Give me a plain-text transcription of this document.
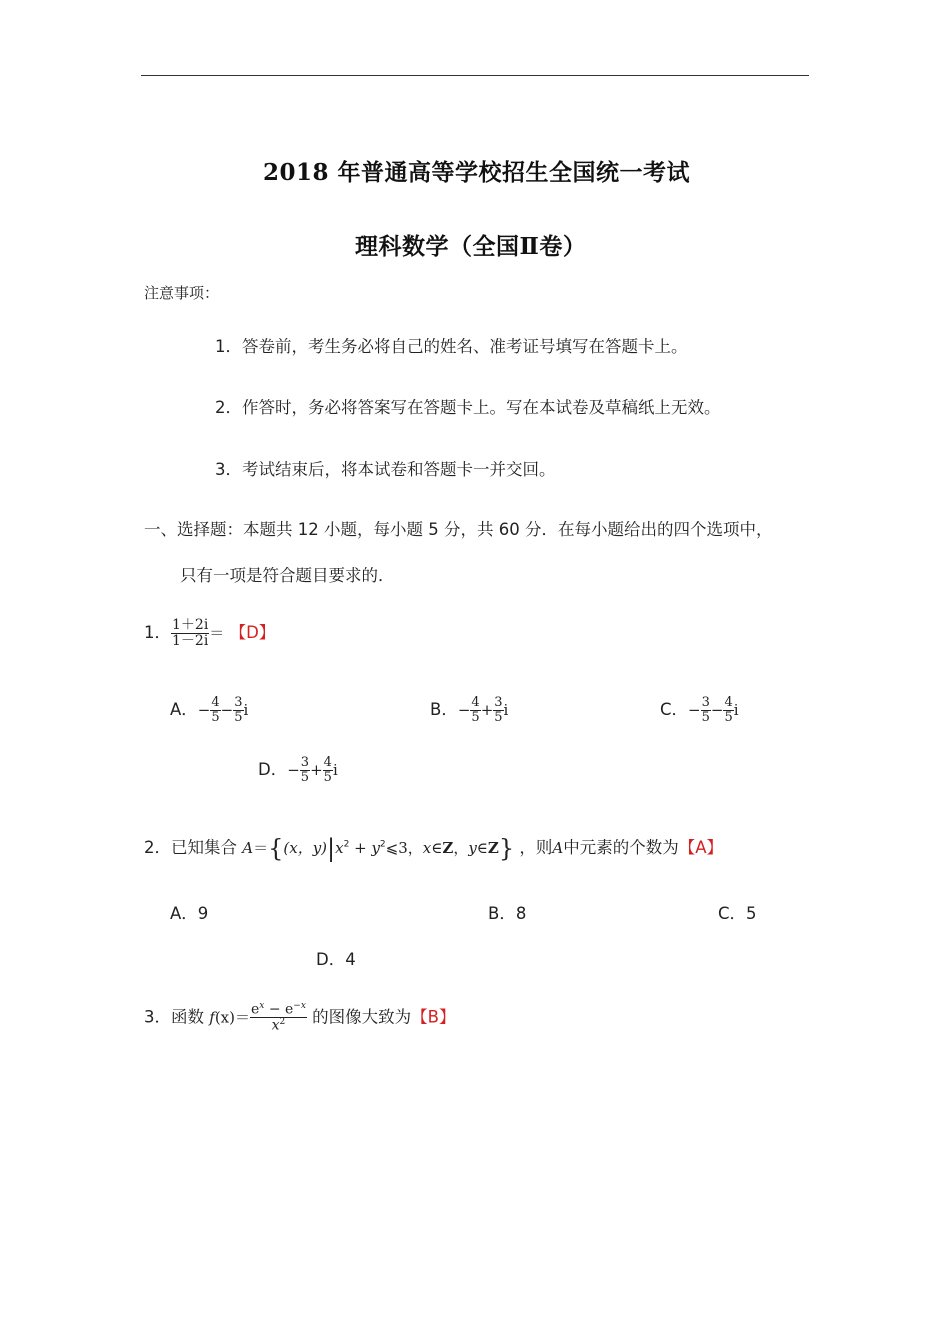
2018 年普通高等学校招生全国统一考试
理科数学（全国Ⅱ卷）
注意事项：
1．答卷前，考生务必将自己的姓名、准考证号填写在答题卡上。
2．作答时，务必将答案写在答题卡上。写在本试卷及草稿纸上无效。
3．考试结束后，将本试卷和答题卡一并交回。
一、选择题：本题共 12 小题，每小题 5 分，共 60 分．在每小题给出的四个选项中，
只有一项是符合题目要求的．
1． $\frac{1+2i}{1-2i}$ ＝ 【D】
A．− $\frac{4}{5} - \frac{3}{5}$ i	B．− $\frac{4}{5} + \frac{3}{5}$ i	C．− $\frac{3}{5} - \frac{4}{5}$ i
D．− $\frac{3}{5} + \frac{4}{5}$ i
2．已知集合 A＝{(x，$y)|x^2$ + $y^2⩽3$，x∈Z，y∈Z} ，则A中元素的个数为【A】
A．9	B．8	C．5
D．4
3．函数 $f(x)= \frac{e^x - e^{-x}}{x^2}$ 的图像大致为【B】
